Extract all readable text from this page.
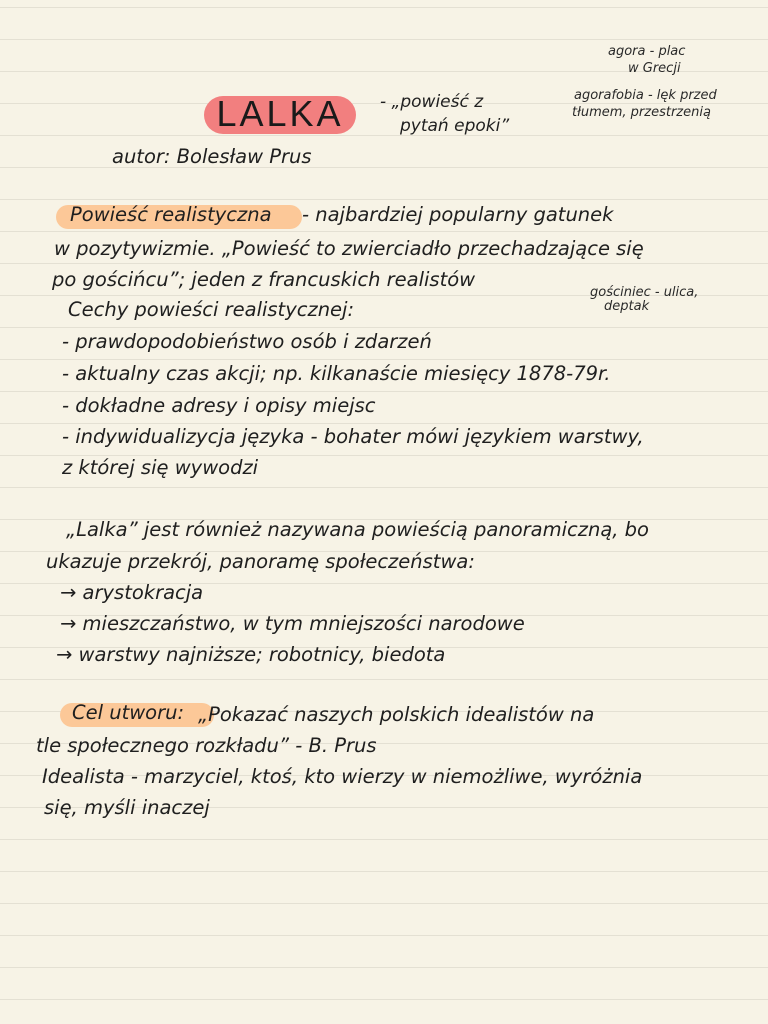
LALKA	- „powieść z
pytań epoki”
autor: Bolesław Prus
agora - plac
w Grecji
agorafobia - lęk przed
tłumem, przestrzenią
gościniec - ulica,
deptak
Powieść realistyczna - najbardziej popularny gatunek
w pozytywizmie. „Powieść to zwierciadło przechadzające się
po gościńcu”; jeden z francuskich realistów
Cechy powieści realistycznej:
- prawdopodobieństwo osób i zdarzeń
- aktualny czas akcji; np. kilkanaście miesięcy 1878-79r.
- dokładne adresy i opisy miejsc
- indywidualizycja języka - bohater mówi językiem warstwy,
z której się wywodzi
„Lalka” jest również nazywana powieścią panoramiczną, bo
ukazuje przekrój, panoramę społeczeństwa:
→ arystokracja
→ mieszczaństwo, w tym mniejszości narodowe
→ warstwy najniższe; robotnicy, biedota
Cel utworu: „Pokazać naszych polskich idealistów na
tle społecznego rozkładu” - B. Prus
Idealista - marzyciel, ktoś, kto wierzy w niemożliwe, wyróżnia
się, myśli inaczej
